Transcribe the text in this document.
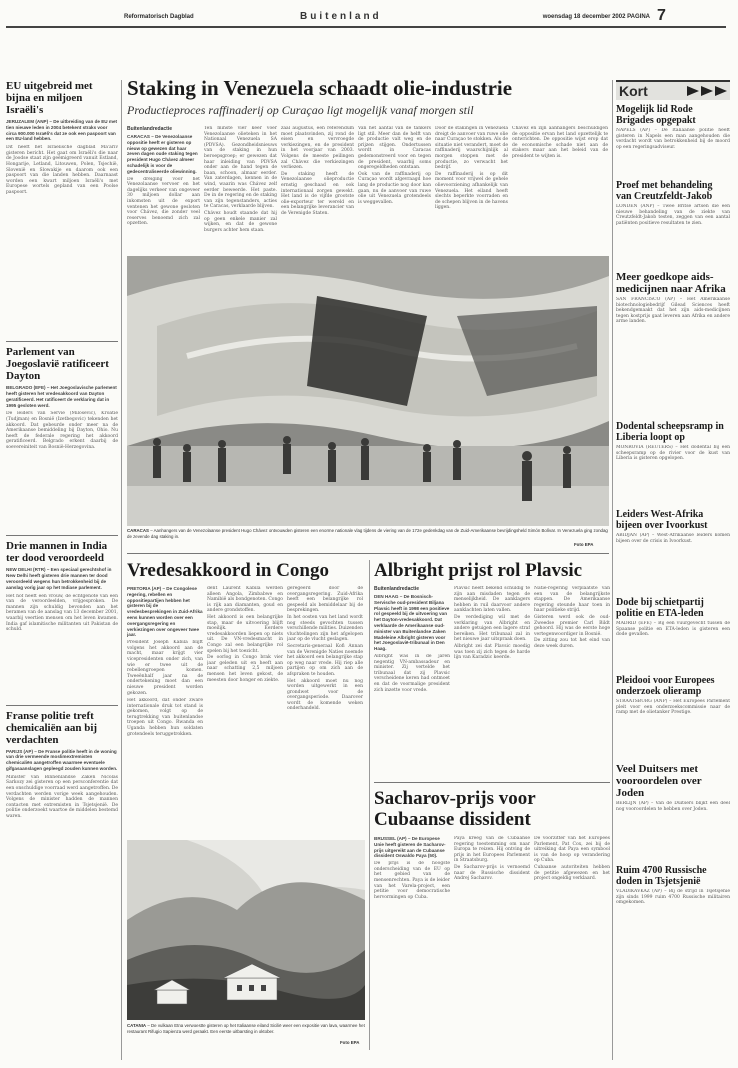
Reformatorisch Dagblad	Buitenland	woensdag 18 december 2002 PAGINA 7
EU uitgebreid met bijna en miljoen Israëli's
JERUZALEM (ANP) – De uitbreiding van de EU met tien nieuwe leden in 2004 betekent straks voor circa 900.000 Israëli's dat ze ook een paspoort van een EU-land hebben.
Dit heeft het Israëlische dagblad Ma'ariv gisteren bericht. Het gaat om Israëli's die naar de Joodse staat zijn geëmigreerd vanuit Estland, Hongarije, Letland, Litouwen, Polen, Tsjechië, Slovenië en Slowakije en daarom ook een paspoort van die landen hebben. Daarnaast worden een kwart miljoen Israëli's met Europese wortels gepland van een Poolse paspoort.
Parlement van Joegoslavië ratificeert Dayton
BELGRADO (EFE) – Het Joegoslavische parlement heeft gisteren het vredesakkoord van Dayton geratificeerd. Het ratificeert de verklaring dat in 1995 gesloten werd.
De leiders van Servië (Milosevic), Kroatië (Tudjman) en Bosnië (Izetbegovic) tekenden het akkoord. Dat gebeurde onder meer na de Amerikaanse bemiddeling bij Dayton, Ohio. Nu heeft de federale regering het akkoord geratificeerd. Belgrado erkent daarbij de soevereiniteit van Bosnië-Herzegovina.
Drie mannen in India ter dood veroordeeld
NEW DELHI (RTR) – Een speciaal gerechtshof in New Delhi heeft gisteren drie mannen ter dood veroordeeld wegens hun betrokkenheid bij de aanslag vorig jaar op het Indiase parlement.
Het hof heeft een vrouw, de echtgenote van een van de veroordeelden, vrijgesproken. De mannen zijn schuldig bevonden aan het beramen van de aanslag van 13 december 2001, waarbij veertien mensen om het leven kwamen. India gaf islamitische militanten uit Pakistan de schuld.
Franse politie treft chemicaliën aan bij verdachten
PARIJS (AP) – De Franse politie heeft in de woning van drie vermeende moslimextremisten chemicaliën aangetroffen waarmee eventuele gifgasaanslagen gepleegd zouden kunnen worden.
Minister van Binnenlandse Zaken Nicolas Sarkozy zei gisteren op een persconferentie dat een onschuldige voorraad werd aangetroffen. De verdachten werden vorige week aangehouden. Volgens de minister hadden de mannen contacten met extremisten in Tsjetsjenië. De politie onderzoekt waartoe de middelen bestemd waren.
Staking in Venezuela schaadt olie-industrie
Productieproces raffinaderij op Curaçao ligt mogelijk vanaf morgen stil
Buitenlandredactie
CARACAS – De Venezolaanse oppositie heeft er gisteren op nieuw op gewezen dat haar zeven dagen oude staking tegen president Hugo Chávez almeer schadelijk is voor de gedecentraliseerde oliewinning.
De dreiging voor het Venezolaanse vervoer en het dagelijks verkeer van ongeveer 30 miljoen dollar aan inkomsten uit de export ventenen het gewone gesloten voor Chávez, die zonder veel reserves benoemd zich zal opzetten.

Ten minste vier keer voer Venezolaanse olieteken in het Nationaal Venezuela SA (PDVSA). Gezondheidsnieuws van de staking in hun beroepsgroep; er gewezen dat haar inleiding van PDVSA onder aan de hand tegen de baan, schoon, almaar eerder. Van zaterdagen, kennen in de wind, waarin was Chávez zelf eerder beweerde. Het paste. De in de regering en de staking van zijn tegenstanders, acties te Caracas, verklaarde blijven.

Chávez houdt staande dat hij op geen enkele manier zal wijken, en dat de gewone burgers achter hem staan.

zaal augustus, een referendum moet plaatsvinden, zij rond de eisen en vervroegde verkiezingen, en de president in het voorjaar van 2003. Volgens de meeste peilingen zal Chávez die verkiezingen verliezen.

De staking heeft de Venezolaanse olieproductie ernstig geschaad en ook internationaal zorgen gewekt. Het land is de vijfde grootste olie-exporteur ter wereld en een belangrijke leverancier van de Verenigde Staten.

Van het aantal van de tankers ligt stil. Meer dan de helft van de productie valt weg en de prijzen stijgen. Ondertussen wordt in Caracas gedemonstreerd voor en tegen de president, waarbij soms ongeregeldheden ontstaan.

Ook van de raffinaderij op Curaçao wordt afgevraagd hoe lang de productie nog door kan gaan, nu de aanvoer van ruwe olie uit Venezuela grotendeels is weggevallen.

Door de stakingen in Venezuela dreigt de aanvoer van ruwe olie naar Curaçao te stokken. Als de situatie niet verandert, moet de raffinaderij waarschijnlijk al morgen stoppen met de productie, zo verwacht het bedrijf.

De raffinaderij is op dit moment voor vrijwel de gehele olievoorziening afhankelijk van Venezuela. Het eiland heeft slechts beperkte voorraden en de schepen blijven in de havens liggen.

Chávez en zijn aanhangers beschuldigen de oppositie ervan het land opzettelijk te ontwrichten. De oppositie wijst erop dat de economische schade niet aan de stakers maar aan het beleid van de president te wijten is.

CARACAS – Aanhangers van de Venezolaanse president Hugo Chávez ontvouwden gisteren een enorme nationale vlag tijdens de viering van de 172e gedenkdag van de Zuid-Amerikaanse bevrijdingsheld Simón Bolívar. In Venezuela ging zondag de zevende dag staking in.
Foto EPA
Vredesakkoord in Congo
PRETORIA (AP) – De Congolese regering, rebellen en oppositiepartijen hebben het gisteren bij de vredesbesprekingen in Zuid-Afrika eens kunnen worden over een overgangsregering en verkiezingen over ongeveer twee jaar.
President Joseph Kabila blijft volgens het akkoord aan de macht, maar krijgt vier vicepresidenten onder zich, van wie er twee uit de rebellengroepen komen. Tweeënhalf jaar na de ondertekening moet dan een nieuwe president worden gekozen.
Het akkoord, dat onder zware internationale druk tot stand is gekomen, volgt op de terugtrekking van buitenlandse troepen uit Congo. Rwanda en Uganda hebben hun soldaten grotendeels teruggetrokken.

dent Laurent Kabila werden alleen Angola, Zimbabwe en Namibië als bondgenoten. Congo is rijk aan diamanten, goud en andere grondstoffen.

Het akkoord is een belangrijke stap, maar de uitvoering blijft moeilijk. Eerdere vredesakkoorden liepen op niets uit. De VN-vredesmacht in Congo zal een belangrijke rol spelen bij het toezicht.

De oorlog in Congo brak vier jaar geleden uit en heeft aan naar schatting 2,5 miljoen mensen het leven gekost, de meesten door honger en ziekte.

geregeerd door de overgangsregering. Zuid-Afrika heeft een belangrijke rol gespeeld als bemiddelaar bij de besprekingen.

In het oosten van het land wordt nog steeds gevochten tussen verschillende milities. Duizenden vluchtelingen zijn het afgelopen jaar op de vlucht geslagen.

Secretaris-generaal Kofi Annan van de Verenigde Naties noemde het akkoord een belangrijke stap op weg naar vrede. Hij riep alle partijen op om zich aan de afspraken te houden.

Het akkoord moet nu nog worden uitgewerkt in een grondwet voor de overgangsperiode. Daarover wordt de komende weken onderhandeld.

CATANIA – De vulkaan Etna verwoestte gisteren op het Italiaanse eiland Sicilië weer een expositie van lava, waarmee het restaurant Rifugio Sapienza werd geraakt. Een eerste uitbarsting in oktober.
Foto EPA
Albright prijst rol Plavsic
Buitenlandredactie
DEN HAAG – De Bosnisch-Servische oud-president Biljana Plavsic heeft in 1998 een positieve rol gespeeld bij de uitvoering van het Dayton-vredesakkoord. Dat verklaarde de Amerikaanse oud-minister van Buitenlandse Zaken Madeleine Albright gisteren voor het Joegoslavië-tribunaal in Den Haag.
Albright was in de jaren negentig VN-ambassadeur en minister. Zij vertelde het tribunaal dat zij Plavsic verscheidene keren had ontmoet en dat de voormalige president zich inzette voor vrede.

Plavsic heeft bekend schuldig te zijn aan misdaden tegen de menselijkheid. De aanklagers hebben in ruil daarvoor andere aanklachten laten vallen.

De verdediging wil met de verklaring van Albright en andere getuigen een lagere straf bereiken. Het tribunaal zal in het nieuwe jaar uitspraak doen.

Albright zei dat Plavsic moedig was toen zij zich tegen de harde lijn van Karadzic keerde.

Natie-regering verplaatste van een van de belangrijkste stappen. De Amerikaanse regering steunde haar toen in haar politieke strijd.

Gisteren werd ook de oud-Zweedse premier Carl Bildt gehoord. Hij was de eerste hoge vertegenwoordiger in Bosnië.

De zitting zou tot het eind van deze week duren.

Sacharov-prijs voor Cubaanse dissident
BRUSSEL (AP) – De Europese Unie heeft gisteren de Sacharov-prijs uitgereikt aan de Cubaanse dissident Oswaldo Paya (50).
De prijs is de hoogste onderscheiding van de EU op het gebied van de mensenrechten. Paya is de leider van het Varela-project, een petitie voor democratische hervormingen op Cuba.

Paya kreeg van de Cubaanse regering toestemming om naar Europa te reizen. Hij ontving de prijs in het Europees Parlement in Straatsburg.

De Sacharov-prijs is vernoemd naar de Russische dissident Andrej Sacharov.

De voorzitter van het Europees Parlement, Pat Cox, zei bij de uitreiking dat Paya een symbool is van de hoop op verandering op Cuba.

Cubaanse autoriteiten hebben de petitie afgewezen en het project ongeldig verklaard.

Kort
Mogelijk lid Rode Brigades opgepakt
NAPELS (AP) – De Italiaanse politie heeft gisteren in Napels een man aangehouden die verdacht wordt van betrokkenheid bij de moord op een regeringsadviseur.
Proef met behandeling van Creutzfeldt-Jakob
LONDEN (ANP) – Twee Britse artsen die een nieuwe behandeling van de ziekte van Creutzfeldt-Jakob testen, zeggen van een aantal patiënten positieve resultaten te zien.
Meer goedkope aids-medicijnen naar Afrika
SAN FRANCISCO (AP) – Het Amerikaanse biotechnologiebedrijf Gilead Sciences heeft bekendgemaakt dat het zijn aids-medicijnen tegen kostprijs gaat leveren aan Afrika en andere arme landen.
Dodental scheepsramp in Liberia loopt op
MONROVIA (REUTERS) – Het dodental bij een scheepsramp op de rivier voor de kust van Liberia is gisteren opgelopen.
Leiders West-Afrika bijeen over Ivoorkust
ABIDJAN (AP) – West-Afrikaanse leiders komen bijeen over de crisis in Ivoorkust.
Dode bij schietpartij politie en ETA-leden
MADRID (EFE) – Bij een vuurgevecht tussen de Spaanse politie en ETA-leden is gisteren een dode gevallen.
Pleidooi voor Europees onderzoek olieramp
STRAATSBURG (ANP) – Het Europees Parlement pleit voor een onderzoekscommissie naar de ramp met de olietanker Prestige.
Veel Duitsers met vooroordelen over Joden
BERLIJN (AP) – Van de Duitsers blijkt een deel nog vooroordelen te hebben over Joden.
Ruim 4700 Russische doden in Tsjetsjenië
VLADIKAVKAZ (AP) – Bij de strijd in Tsjetsjenië zijn sinds 1999 ruim 4700 Russische militairen omgekomen.
